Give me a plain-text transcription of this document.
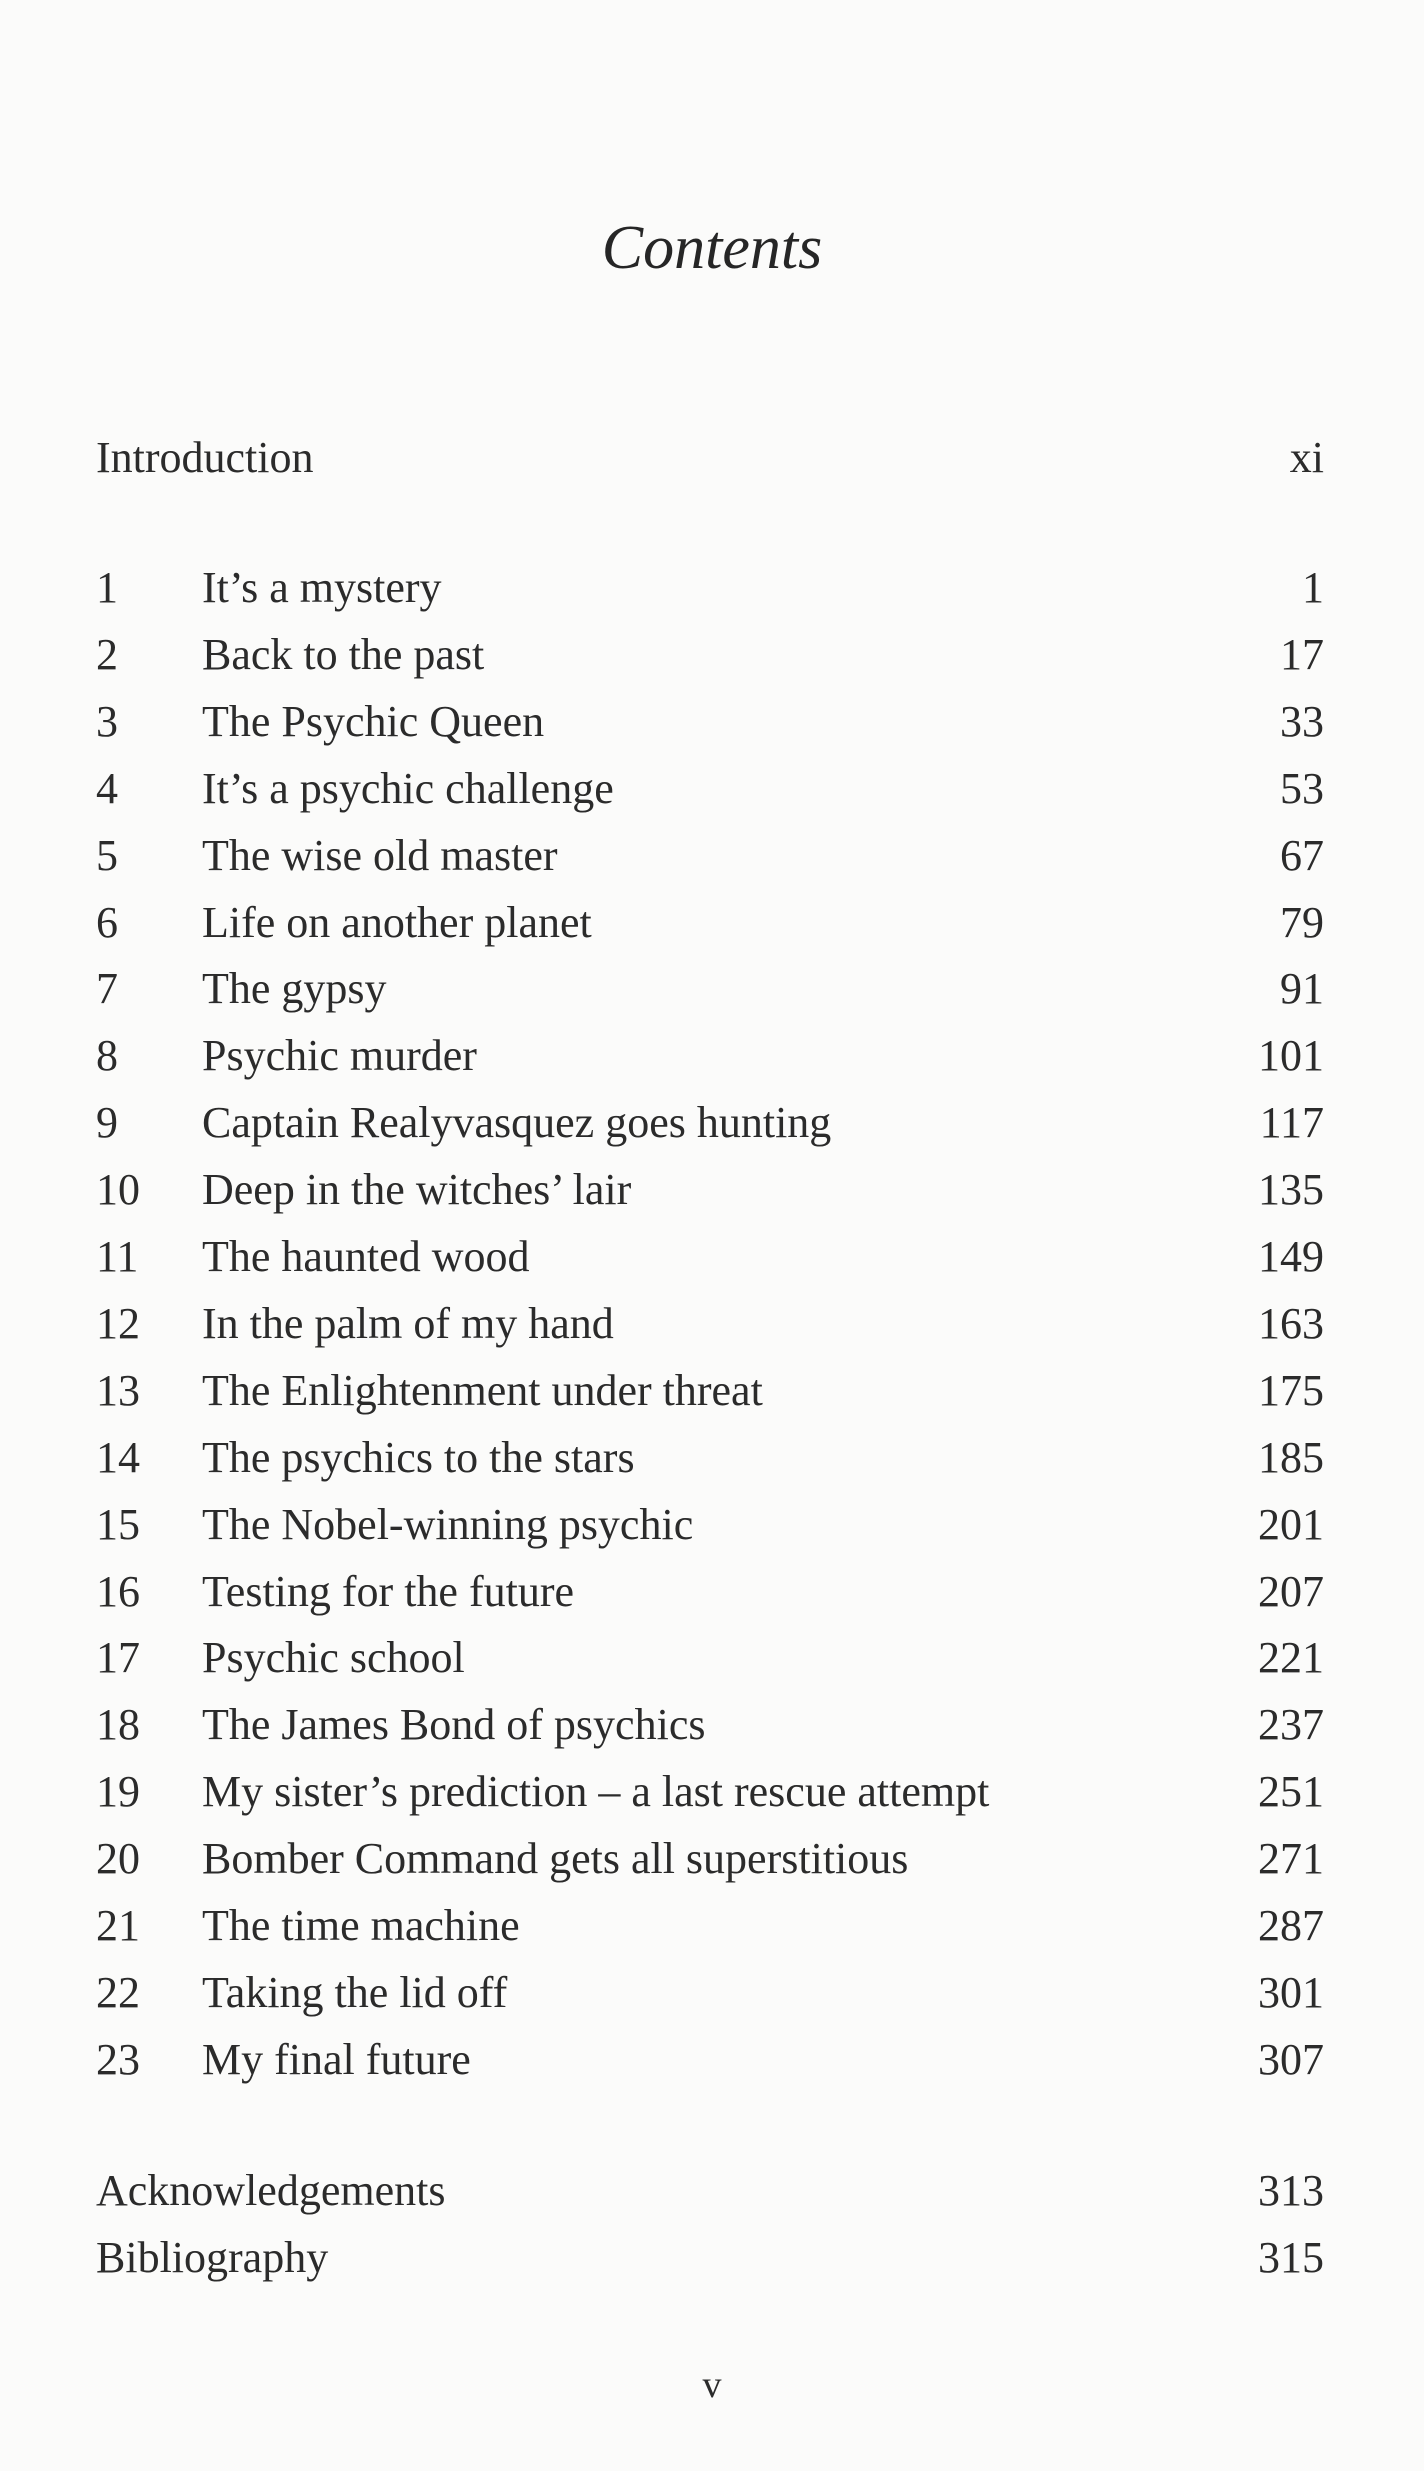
Contents
Introduction	xi
1 It’s a mystery	1
2 Back to the past	17
3 The Psychic Queen	33
4 It’s a psychic challenge	53
5 The wise old master	67
6 Life on another planet	79
7 The gypsy	91
8 Psychic murder	101
9 Captain Realyvasquez goes hunting	117
10 Deep in the witches’ lair	135
11 The haunted wood	149
12 In the palm of my hand	163
13 The Enlightenment under threat	175
14 The psychics to the stars	185
15 The Nobel-winning psychic	201
16 Testing for the future	207
17 Psychic school	221
18 The James Bond of psychics	237
19 My sister’s prediction – a last rescue attempt	251
20 Bomber Command gets all superstitious	271
21 The time machine	287
22 Taking the lid off	301
23 My final future	307
Acknowledgements	313
Bibliography	315
v
